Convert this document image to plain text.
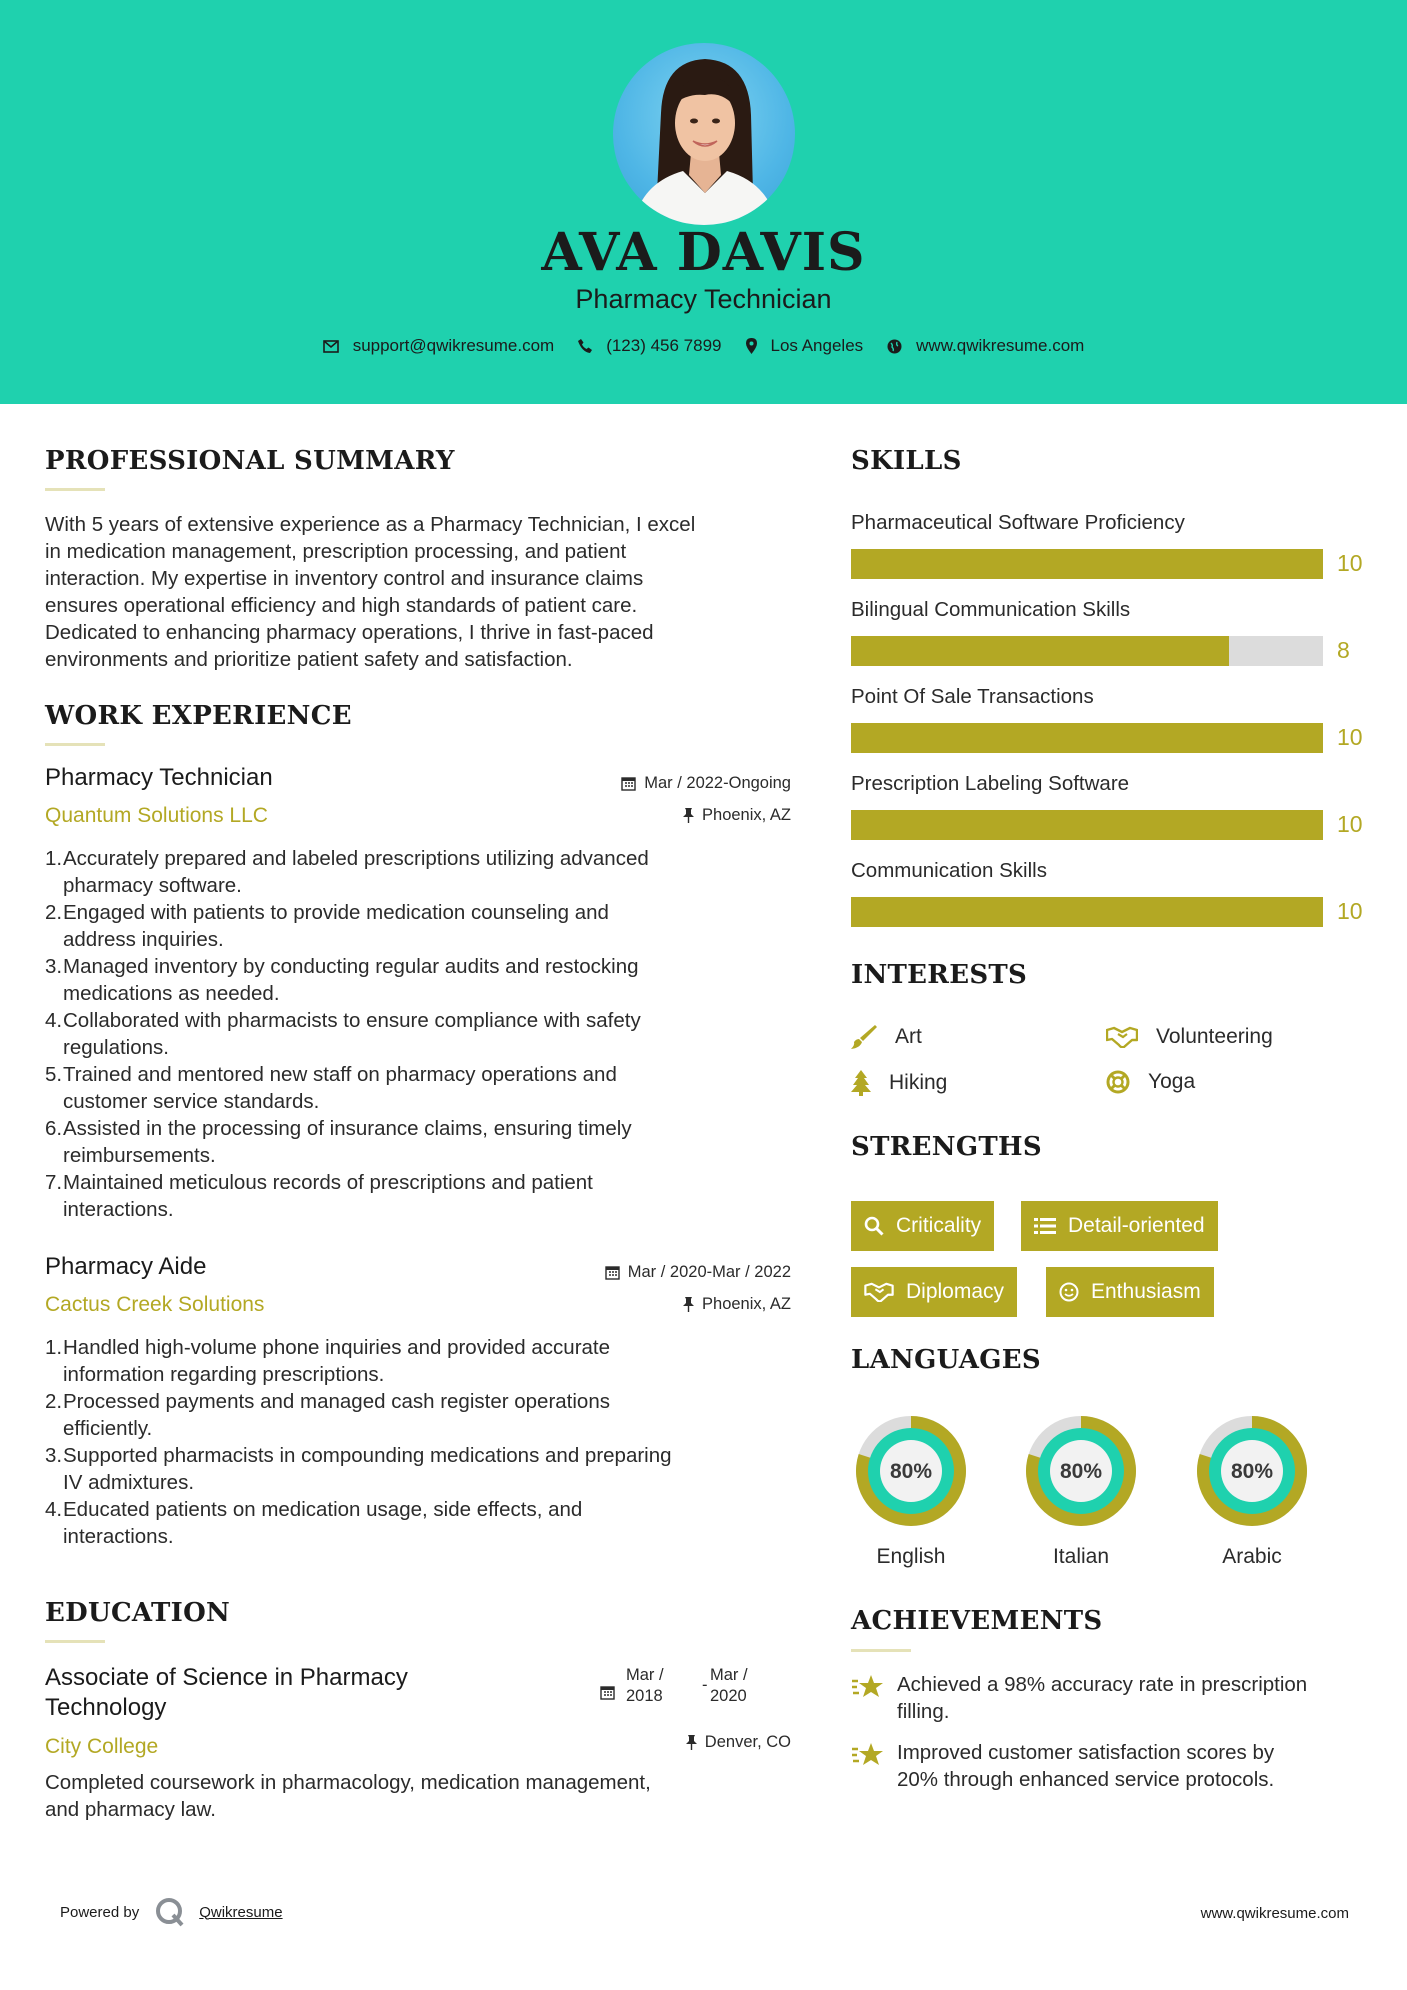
AVA DAVIS
Pharmacy Technician
support@qwikresume.com	(123) 456 7899	Los Angeles	www.qwikresume.com
PROFESSIONAL SUMMARY
With 5 years of extensive experience as a Pharmacy Technician, I excel
in medication management, prescription processing, and patient
interaction. My expertise in inventory control and insurance claims
ensures operational efficiency and high standards of patient care.
Dedicated to enhancing pharmacy operations, I thrive in fast-paced
environments and prioritize patient safety and satisfaction.
WORK EXPERIENCE
Pharmacy Technician
Quantum Solutions LLC
Mar / 2022-Ongoing
Phoenix, AZ
1. Accurately prepared and labeled prescriptions utilizing advanced
pharmacy software.
2. Engaged with patients to provide medication counseling and
address inquiries.
3. Managed inventory by conducting regular audits and restocking
medications as needed.
4. Collaborated with pharmacists to ensure compliance with safety
regulations.
5. Trained and mentored new staff on pharmacy operations and
customer service standards.
6. Assisted in the processing of insurance claims, ensuring timely
reimbursements.
7. Maintained meticulous records of prescriptions and patient
interactions.
Pharmacy Aide
Cactus Creek Solutions
Mar / 2020-Mar / 2022
Phoenix, AZ
1. Handled high-volume phone inquiries and provided accurate
information regarding prescriptions.
2. Processed payments and managed cash register operations
efficiently.
3. Supported pharmacists in compounding medications and preparing
IV admixtures.
4. Educated patients on medication usage, side effects, and
interactions.
EDUCATION
Associate of Science in Pharmacy
Technology
City College
Mar /
2018
-
Mar /
2020
Denver, CO
Completed coursework in pharmacology, medication management,
and pharmacy law.
SKILLS
Pharmaceutical Software Proficiency
10
Bilingual Communication Skills
8
Point Of Sale Transactions
10
Prescription Labeling Software
10
Communication Skills
10
INTERESTS
Art	Volunteering
Hiking	Yoga
STRENGTHS
Criticality	Detail-oriented
Diplomacy	Enthusiasm
LANGUAGES
80%
English
80%
Italian
80%
Arabic
ACHIEVEMENTS
Achieved a 98% accuracy rate in prescription
filling.
Improved customer satisfaction scores by
20% through enhanced service protocols.
Powered by	Qwikresume	www.qwikresume.com
